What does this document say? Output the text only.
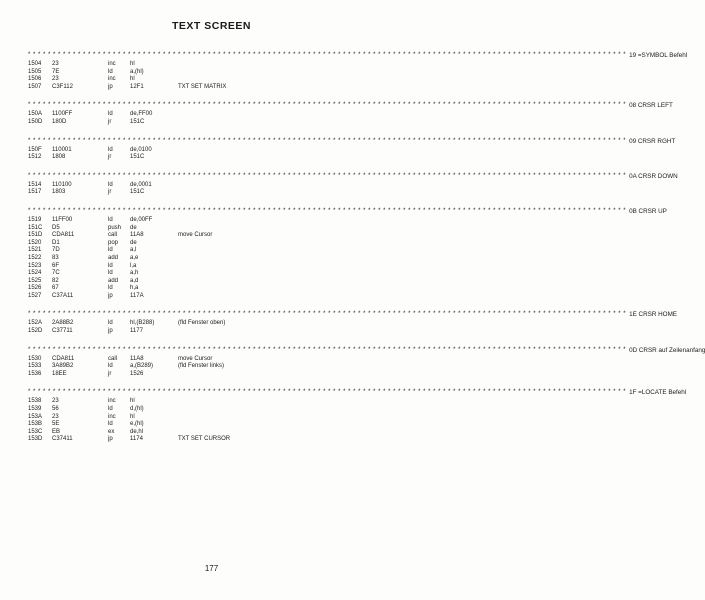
TEXT SCREEN
* * * * * * * * * * * * * * * * * * * * * * * * * * * * * * * * * * * * * * * * * * * * * * * * * * * * * * * * * * * * * * * * * * * * * * * * * * * * * * * * * * * * * * * * * * * * * * * * * * * * * * * * * * * * * * * * * * * * * * * * 19 =SYMBOL Befehl
1504	23	inc	hl
1505	7E	ld	a,(hl)
1506	23	inc	hl
1507	C3F112	jp	12F1	TXT SET MATRIX
* * * * * * * * * * * * * * * * * * * * * * * * * * * * * * * * * * * * * * * * * * * * * * * * * * * * * * * * * * * * * * * * * * * * * * * * * * * * * * * * * * * * * * * * * * * * * * * * * * * * * * * * * * * * * * * * * * * * * * * * 08 CRSR LEFT
150A	1100FF	ld	de,FF00
150D	180D	jr	151C
* * * * * * * * * * * * * * * * * * * * * * * * * * * * * * * * * * * * * * * * * * * * * * * * * * * * * * * * * * * * * * * * * * * * * * * * * * * * * * * * * * * * * * * * * * * * * * * * * * * * * * * * * * * * * * * * * * * * * * * * 09 CRSR RGHT
150F	110001	ld	de,0100
1512	1808	jr	151C
* * * * * * * * * * * * * * * * * * * * * * * * * * * * * * * * * * * * * * * * * * * * * * * * * * * * * * * * * * * * * * * * * * * * * * * * * * * * * * * * * * * * * * * * * * * * * * * * * * * * * * * * * * * * * * * * * * * * * * * * 0A CRSR DOWN
1514	110100	ld	de,0001
1517	1803	jr	151C
* * * * * * * * * * * * * * * * * * * * * * * * * * * * * * * * * * * * * * * * * * * * * * * * * * * * * * * * * * * * * * * * * * * * * * * * * * * * * * * * * * * * * * * * * * * * * * * * * * * * * * * * * * * * * * * * * * * * * * * * 0B CRSR UP
1519	11FF00	ld	de,00FF
151C	D5	push	de
151D	CDA811	call	11A8	move Cursor
1520	D1	pop	de
1521	7D	ld	a,l
1522	83	add	a,e
1523	6F	ld	l,a
1524	7C	ld	a,h
1525	82	add	a,d
1526	67	ld	h,a
1527	C37A11	jp	117A
* * * * * * * * * * * * * * * * * * * * * * * * * * * * * * * * * * * * * * * * * * * * * * * * * * * * * * * * * * * * * * * * * * * * * * * * * * * * * * * * * * * * * * * * * * * * * * * * * * * * * * * * * * * * * * * * * * * * * * * * 1E CRSR HOME
152A	2A88B2	ld	hl,(B288)	(fld Fenster oben)
152D	C37711	jp	1177
* * * * * * * * * * * * * * * * * * * * * * * * * * * * * * * * * * * * * * * * * * * * * * * * * * * * * * * * * * * * * * * * * * * * * * * * * * * * * * * * * * * * * * * * * * * * * * * * * * * * * * * * * * * * * * * * * * * * * * * * 0D CRSR auf Zeilenanfang
1530	CDA811	call	11A8	move Cursor
1533	3A89B2	ld	a,(B289)	(fld Fenster links)
1536	18EE	jr	1526
* * * * * * * * * * * * * * * * * * * * * * * * * * * * * * * * * * * * * * * * * * * * * * * * * * * * * * * * * * * * * * * * * * * * * * * * * * * * * * * * * * * * * * * * * * * * * * * * * * * * * * * * * * * * * * * * * * * * * * * * 1F =LOCATE Befehl
1538	23	inc	hl
1539	56	ld	d,(hl)
153A	23	inc	hl
153B	5E	ld	e,(hl)
153C	EB	ex	de,hl
153D	C37411	jp	1174	TXT SET CURSOR
177
